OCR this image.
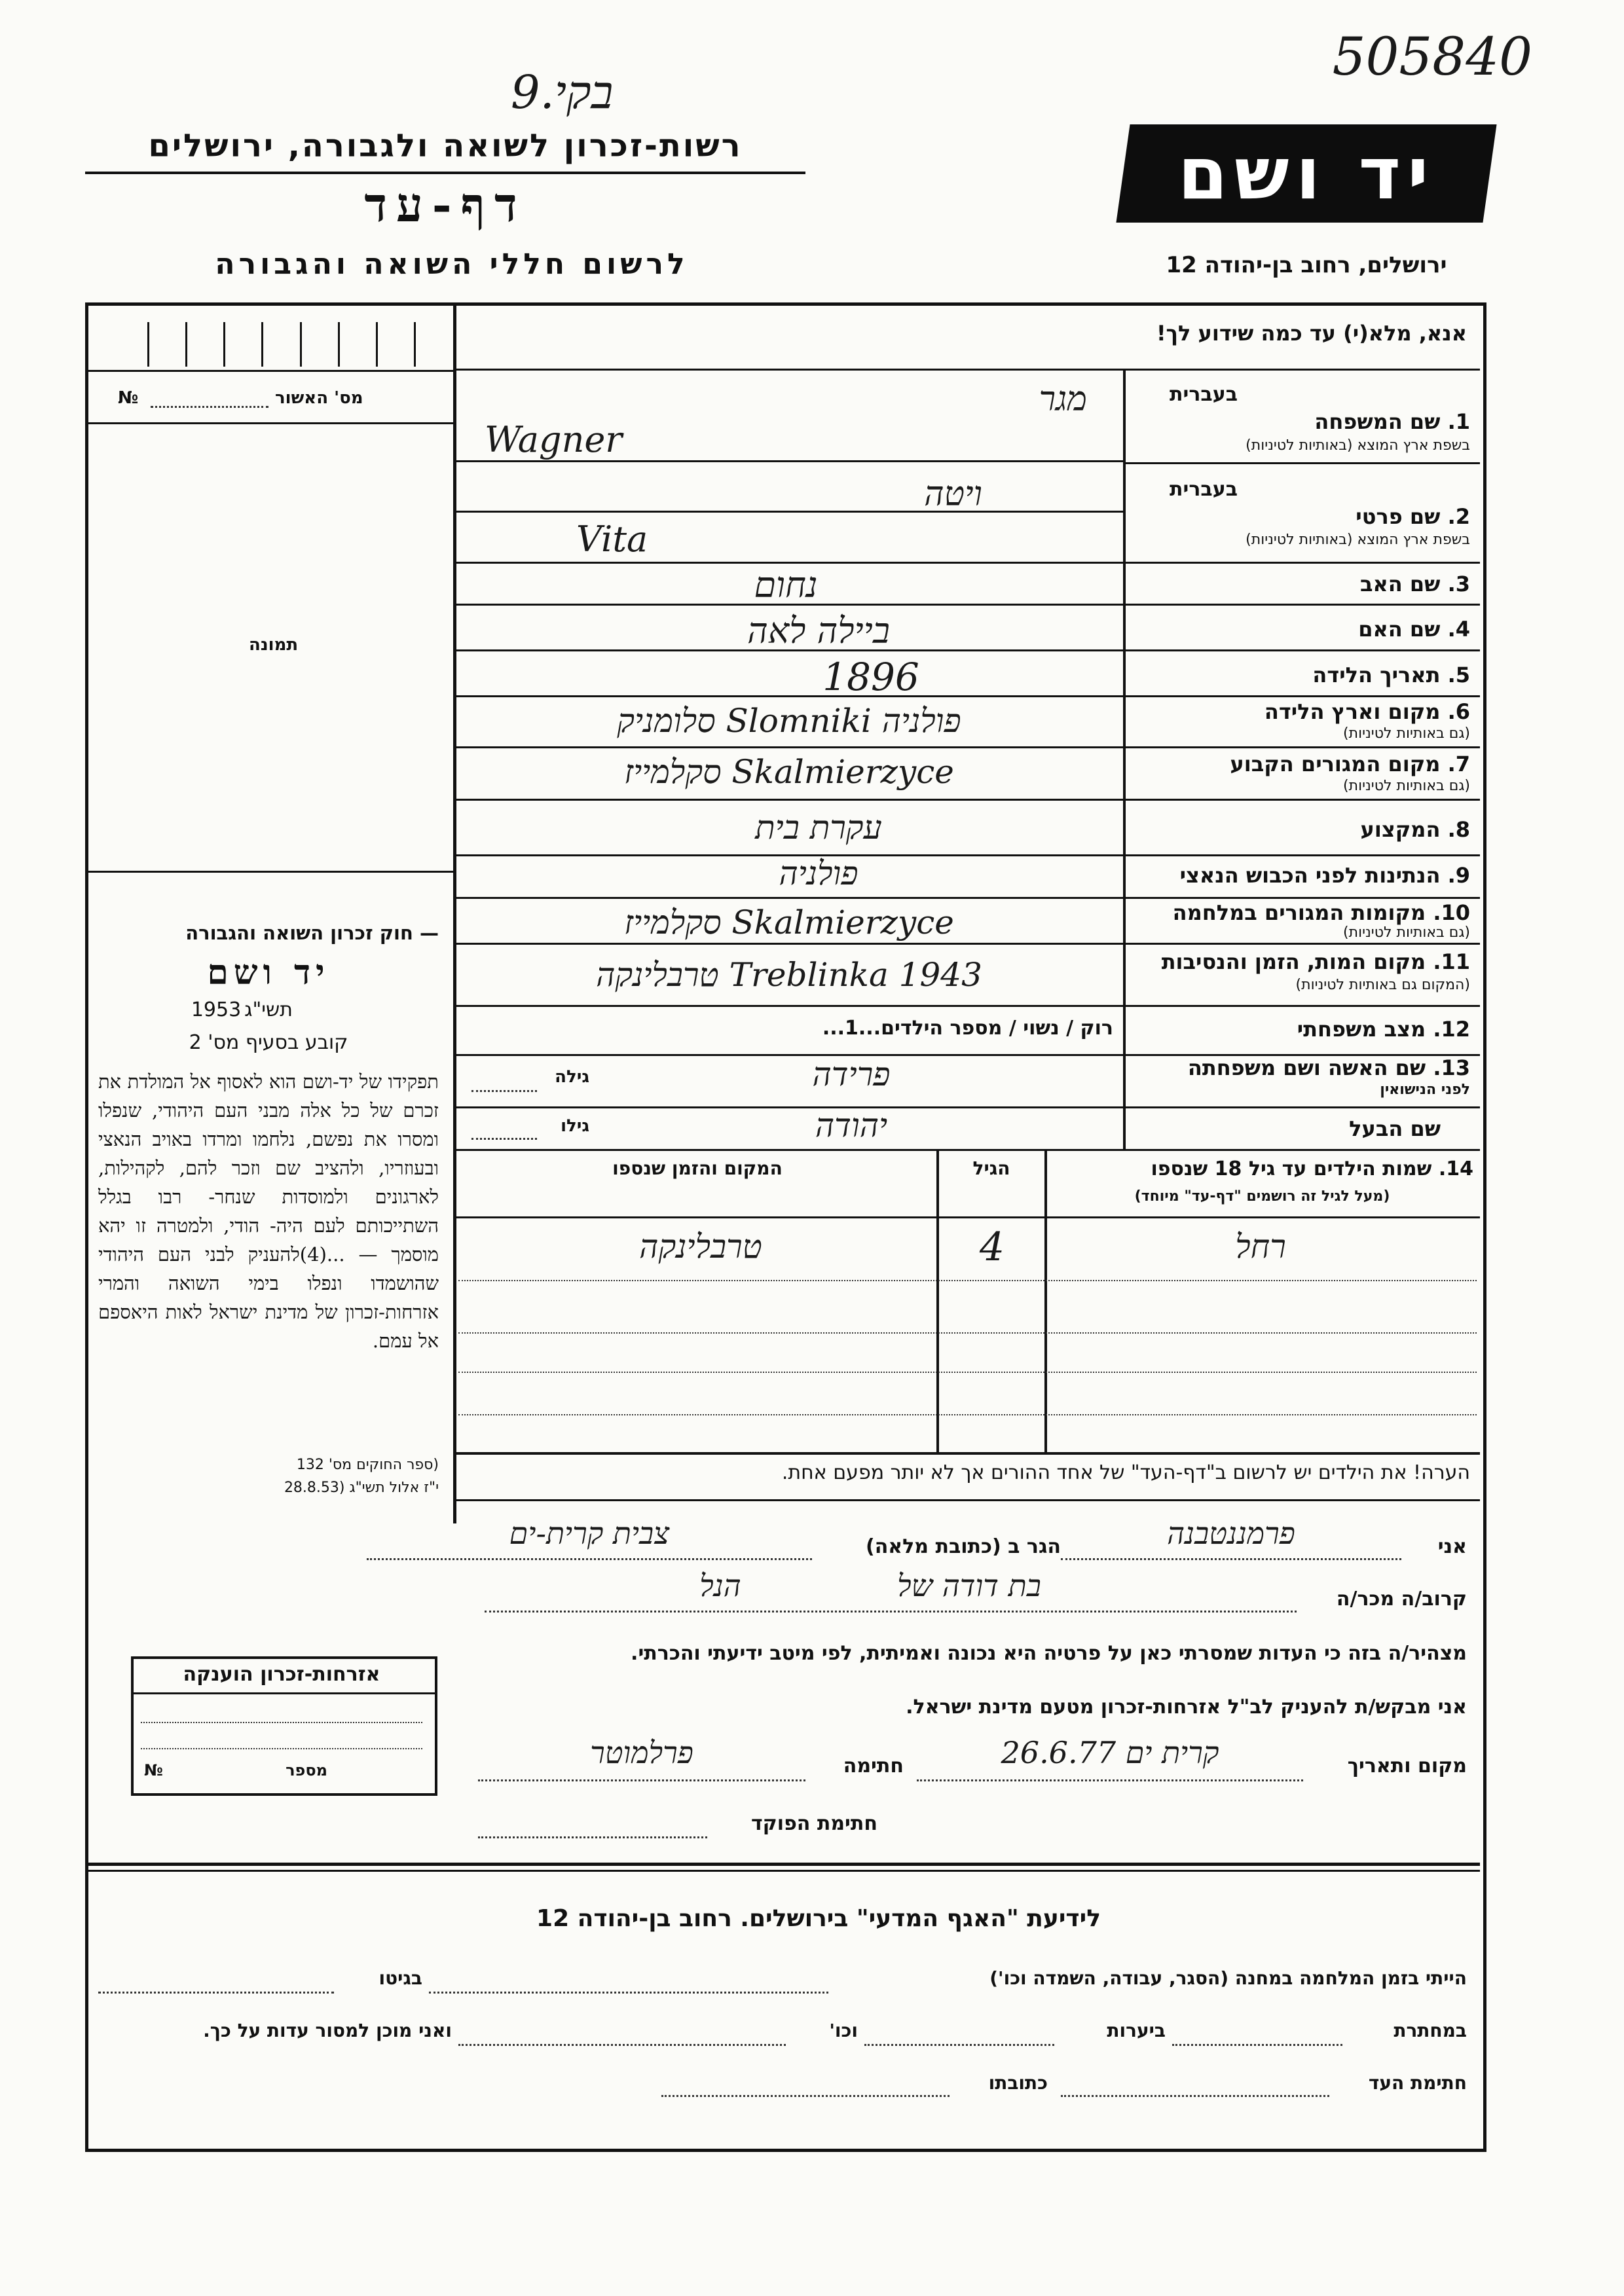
505840
בקי.9
רשות-זכרון לשואה ולגבורה, ירושלים
דף-עד
לרשום חללי השואה והגבורה
יד ושם
ירושלים, רחוב בן-יהודה 12
מס' האשור
№
תמונה
— חוק זכרון השואה והגבורה
יד ושם
תשי"ג
1953
קובע בסעיף מס' 2
תפקידו של יד-ושם הוא לאסוף אל המולדת את זכרם של כל אלה מבני העם היהודי, שנפלו ומסרו את נפשם, נלחמו ומרדו באויב הנאצי ובעוזריו, ולהציב שם וזכר להם, לקהילות, לארגונים ולמוסדות שנחר- רבו בגלל השתייכותם לעם היה- הודי, ולמטרה זו יהא מוסמך — ...(4)להעניק לבני העם היהודי שהושמדו ונפלו בימי השואה והמרי אזרחות-זכרון של מדינת ישראל לאות היאספם אל עמם.
(ספר החוקים מס' 132
י"ז אלול תשי"ג (28.8.53
אנא, מלא(י) עד כמה שידוע לך!
בעברית
1. שם המשפחה
בשפת ארץ המוצא (באותיות לטיניות)
מגר
Wagner
בעברית
2. שם פרטי
בשפת ארץ המוצא (באותיות לטיניות)
ויטה
Vita
3. שם האב
נחום
4. שם האם
ביילה לאה
5. תאריך הלידה
1896
6. מקום וארץ הלידה
(גם באותיות לטיניות)
פולניה Slomniki סלומניק
7. מקום המגורים הקבוע
(גם באותיות לטיניות)
Skalmierzyce סקלמייז
8. המקצוע
עקרת בית
9. הנתינות לפני הכבוש הנאצי
פולניה
10. מקומות המגורים במלחמה
(גם באותיות לטיניות)
Skalmierzyce סקלמייז
11. מקום המות, הזמן והנסיבות
(המקום גם באותיות לטיניות)
Treblinka 1943 טרבלינקה
12. מצב משפחתי
רוק / נשוי / מספר הילדים...1...
13. שם האשה ושם משפחתה
לפני הנישואין
גילה	פרידה
שם הבעל
גילו	יהודה
14. שמות הילדים עד גיל 18 שנספו
(מעל לגיל זה רושמים "דף-עד" מיוחד)
הגיל
המקום והזמן שנספו
רחל
4
טרבלינקה
הערה! את הילדים יש לרשום ב"דף-העד" של אחד ההורים אך לא יותר מפעם אחת.
אני
פרמננטבנה
הגר ב (כתובת מלאה)
צבית קרית-ים
קרוב/ה מכר/ה
בת דודה של
הנל
מצהיר/ה בזה כי העדות שמסרתי כאן על פרטיה היא נכונה ואמיתית, לפי מיטב ידיעתי והכרתי.
אני מבקש/ת להעניק לב"ל אזרחות-זכרון מטעם מדינת ישראל.
מקום ותאריך
קרית ים 26.6.77
חתימה
פרלמוטר
חתימת הפוקד
אזרחות-זכרון הוענקה
מספר
№
לידיעת "האגף המדעי" בירושלים. רחוב בן-יהודה 12
הייתי בזמן המלחמה במחנה (הסגר, עבודה, השמדה וכו')
בגיטו
במחתרת
ביערות
וכו'
ואני מוכן למסור עדות על כך.
חתימת העד
כתובתו
